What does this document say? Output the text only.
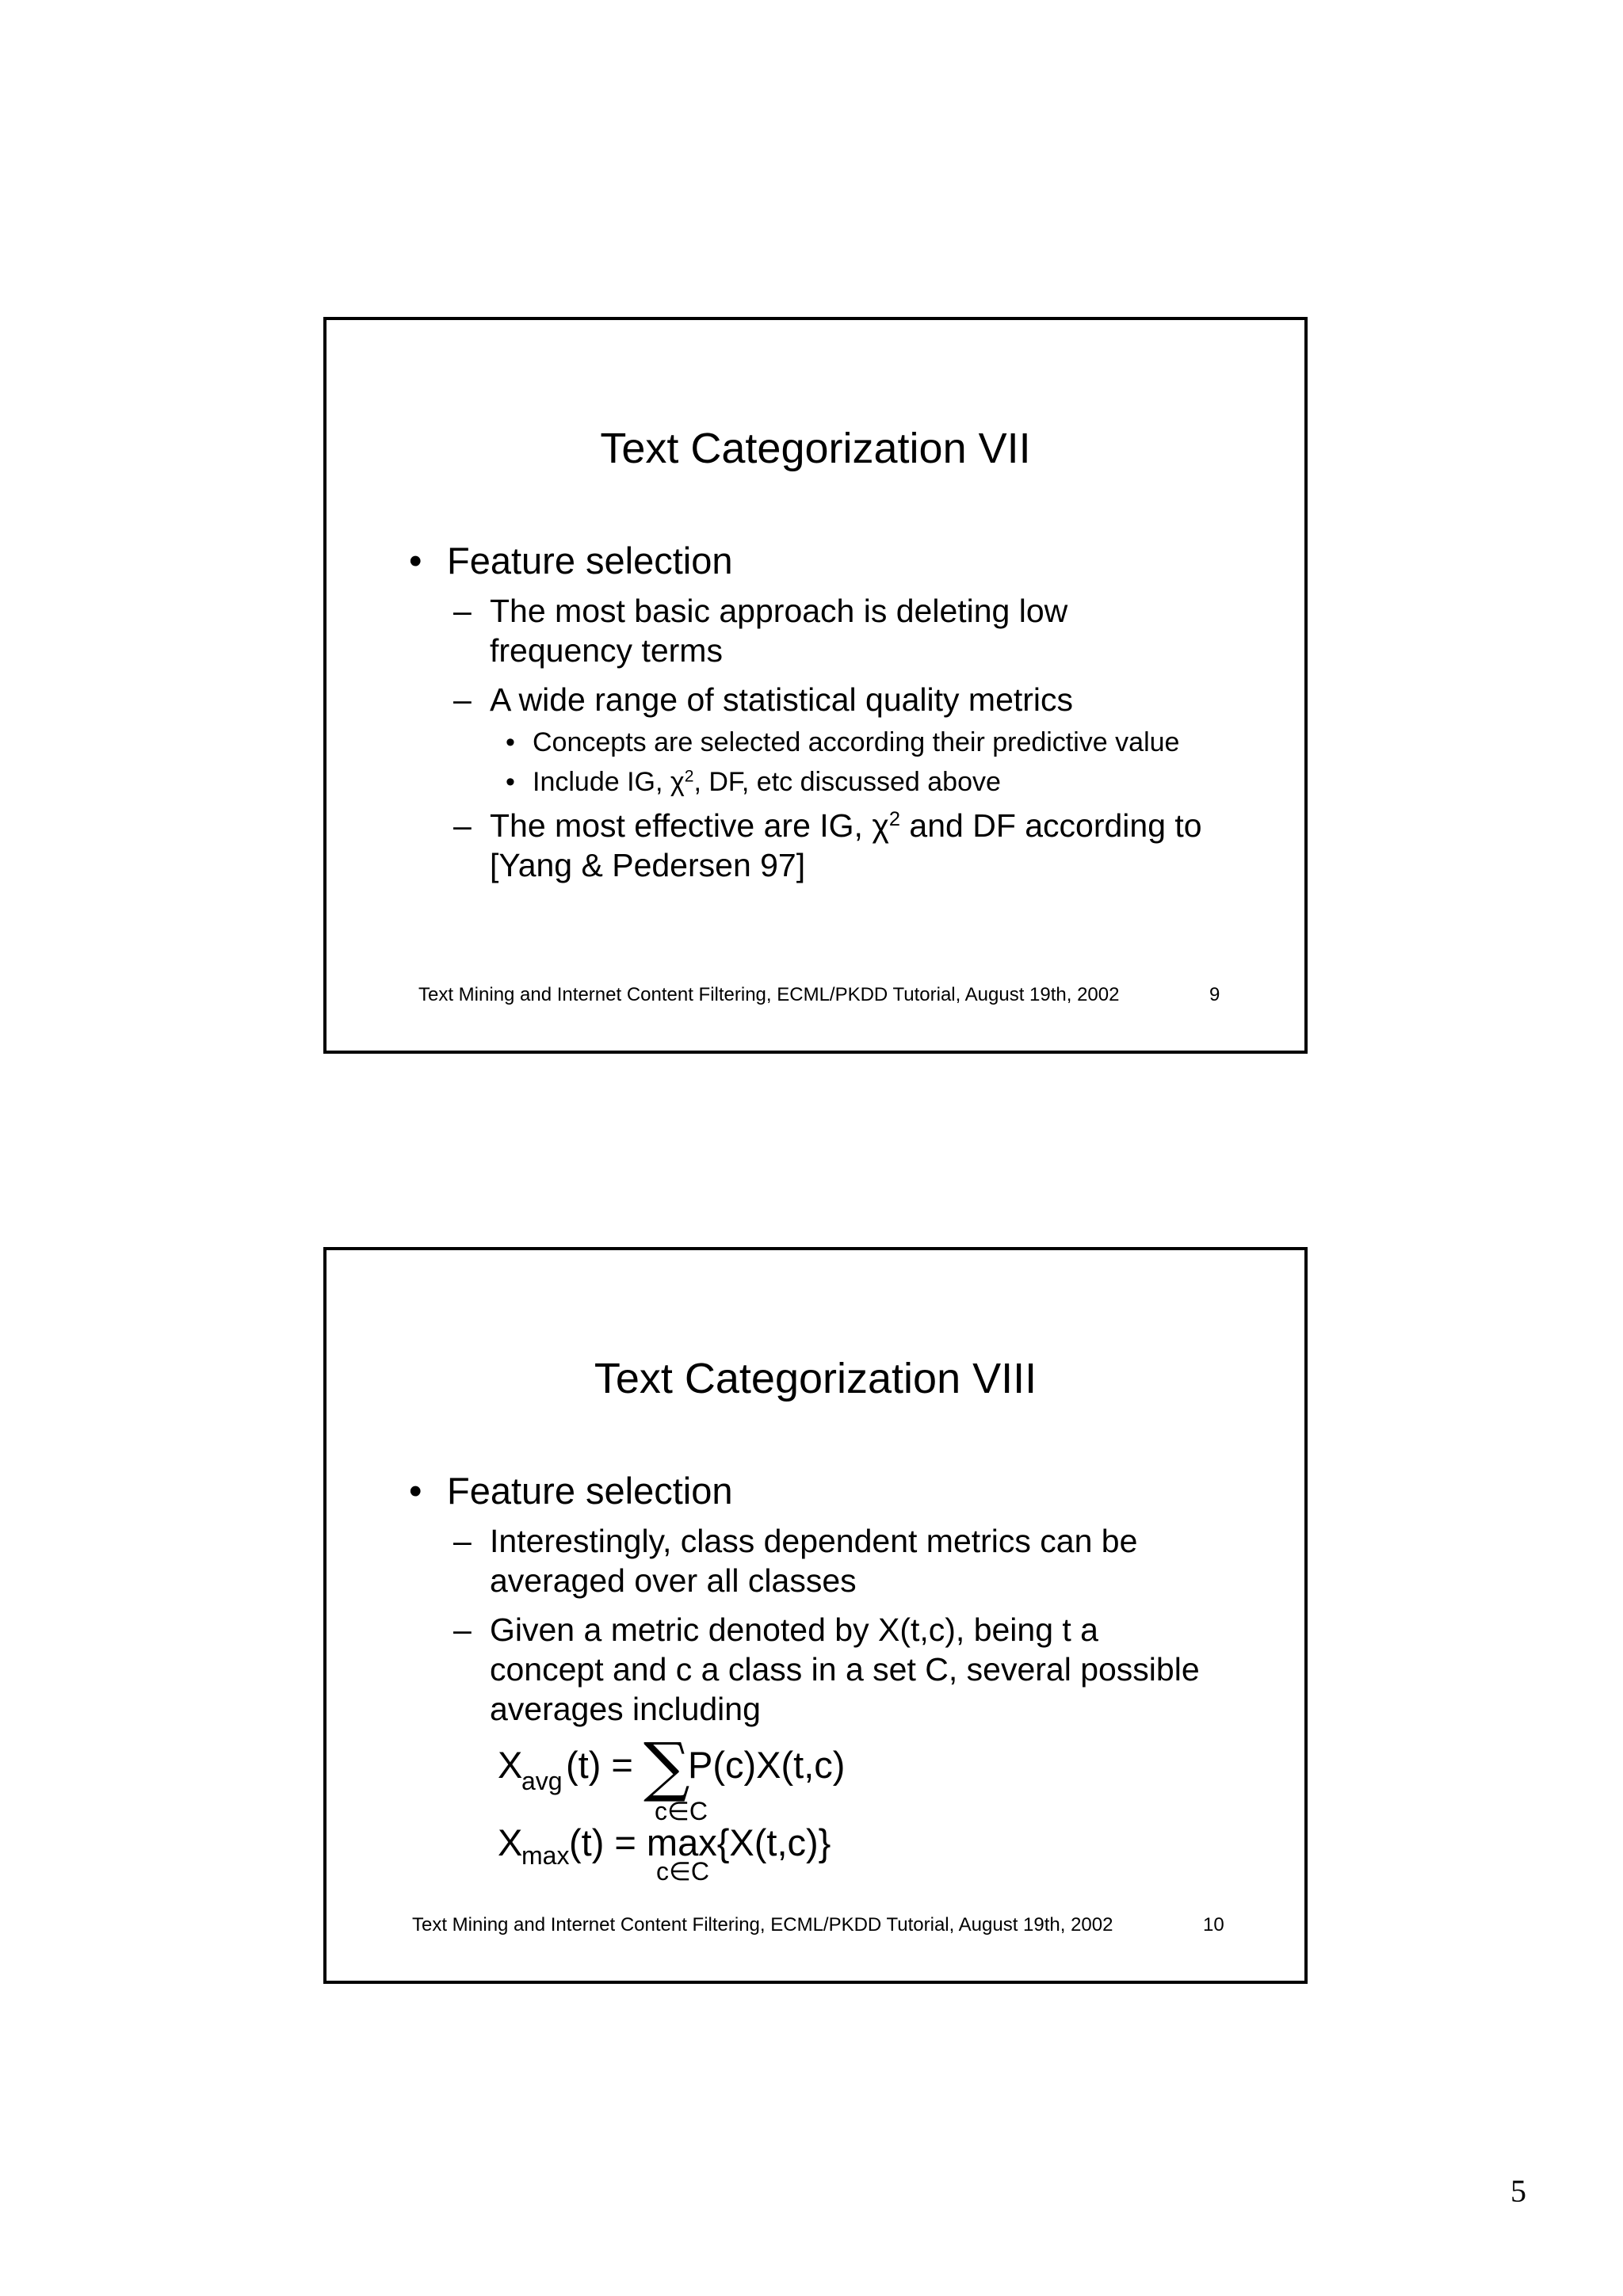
Text Categorization VII
• Feature selection
– The most basic approach is deleting low
frequency terms
– A wide range of statistical quality metrics
• Concepts are selected according their predictive value
• Include IG, $\chi^2$, DF, etc discussed above
– The most effective are IG, $\chi^2$ and DF according to
[Yang & Pedersen 97]
Text Mining and Internet Content Filtering, ECML/PKDD Tutorial, August 19th, 2002	9
Text Categorization VIII
• Feature selection
– Interestingly, class dependent metrics can be
averaged over all classes
– Given a metric denoted by X(t,c), being t a
concept and c a class in a set C, several possible
averages including
X
avg (t) = ∑
P(c)X(t,c)
c∈C
X
max (t) = max{X(t,c)}
c∈C
Text Mining and Internet Content Filtering, ECML/PKDD Tutorial, August 19th, 2002	10
5
